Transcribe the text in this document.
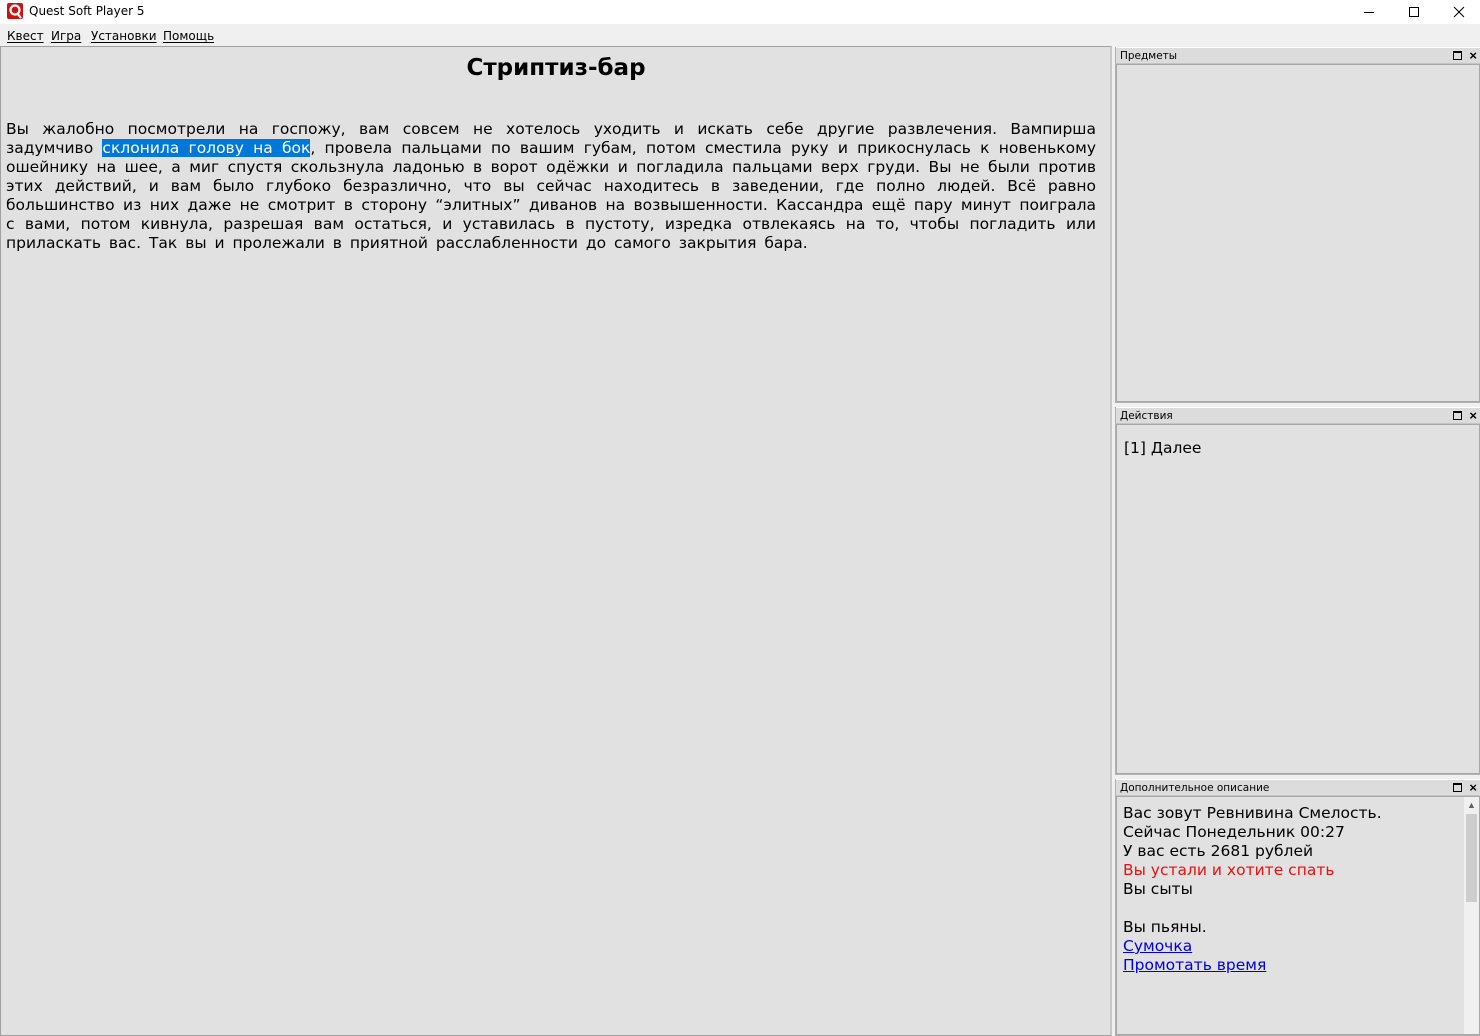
Quest Soft Player 5
Квест Игра Установки Помощь
Стриптиз-бар
Вы жалобно посмотрели на госпожу, вам совсем не хотелось уходить и искать себе другие развлечения. Вампирша задумчиво склонила голову на бок, провела пальцами по вашим губам, потом сместила руку и прикоснулась к новенькому ошейнику на шее, а миг спустя скользнула ладонью в ворот одёжки и погладила пальцами верх груди. Вы не были против этих действий, и вам было глубоко безразлично, что вы сейчас находитесь в заведении, где полно людей. Всё равно большинство из них даже не смотрит в сторону “элитных” диванов на возвышенности. Кассандра ещё пару минут поиграла с вами, потом кивнула, разрешая вам остаться, и уставилась в пустоту, изредка отвлекаясь на то, чтобы погладить или приласкать вас. Так вы и пролежали в приятной расслабленности до самого закрытия бара.
Предметы	×
Действия	×
[1] Далее
Дополнительное описание	×
Вас зовут Ревнивина Смелость.
Сейчас Понедельник 00:27
У вас есть 2681 рублей
Вы устали и хотите спать
Вы сыты
Вы пьяны.
Сумочка
Промотать время
▲
